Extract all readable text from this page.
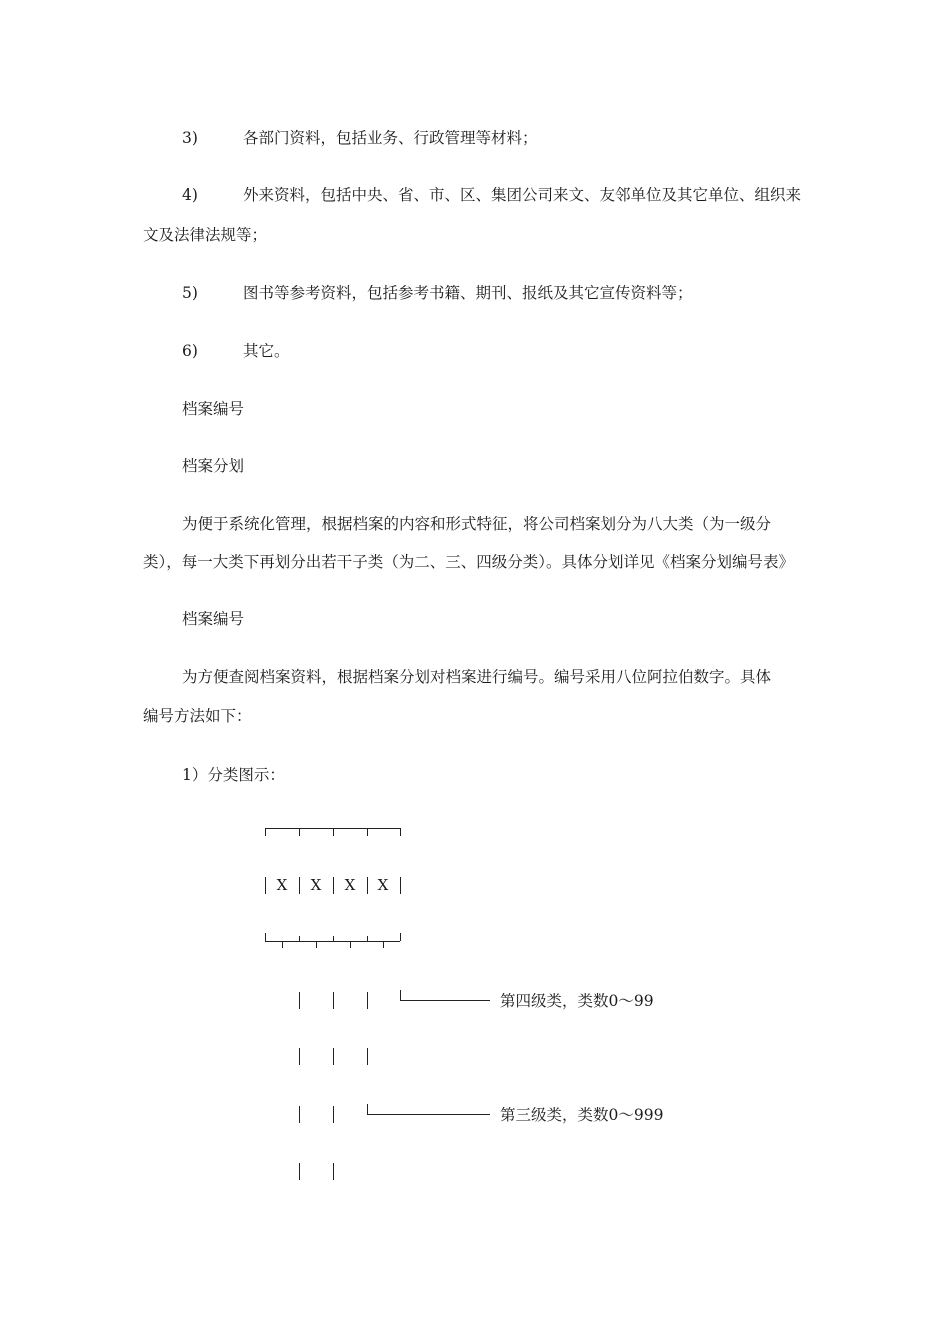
3)	各部门资料，包括业务、行政管理等材料；
4)	外来资料，包括中央、省、市、区、集团公司来文、友邻单位及其它单位、组织来
文及法律法规等；
5)	图书等参考资料，包括参考书籍、期刊、报纸及其它宣传资料等；
6)	其它。
档案编号
档案分划
为便于系统化管理，根据档案的内容和形式特征，将公司档案划分为八大类（为一级分
类），每一大类下再划分出若干子类（为二、三、四级分类）。具体分划详见《档案分划编号表》
档案编号
为方便查阅档案资料，根据档案分划对档案进行编号。编号采用八位阿拉伯数字。具体
编号方法如下：
1）分类图示：
X	X	X	X
第四级类，类数0～99
第三级类，类数0～999
